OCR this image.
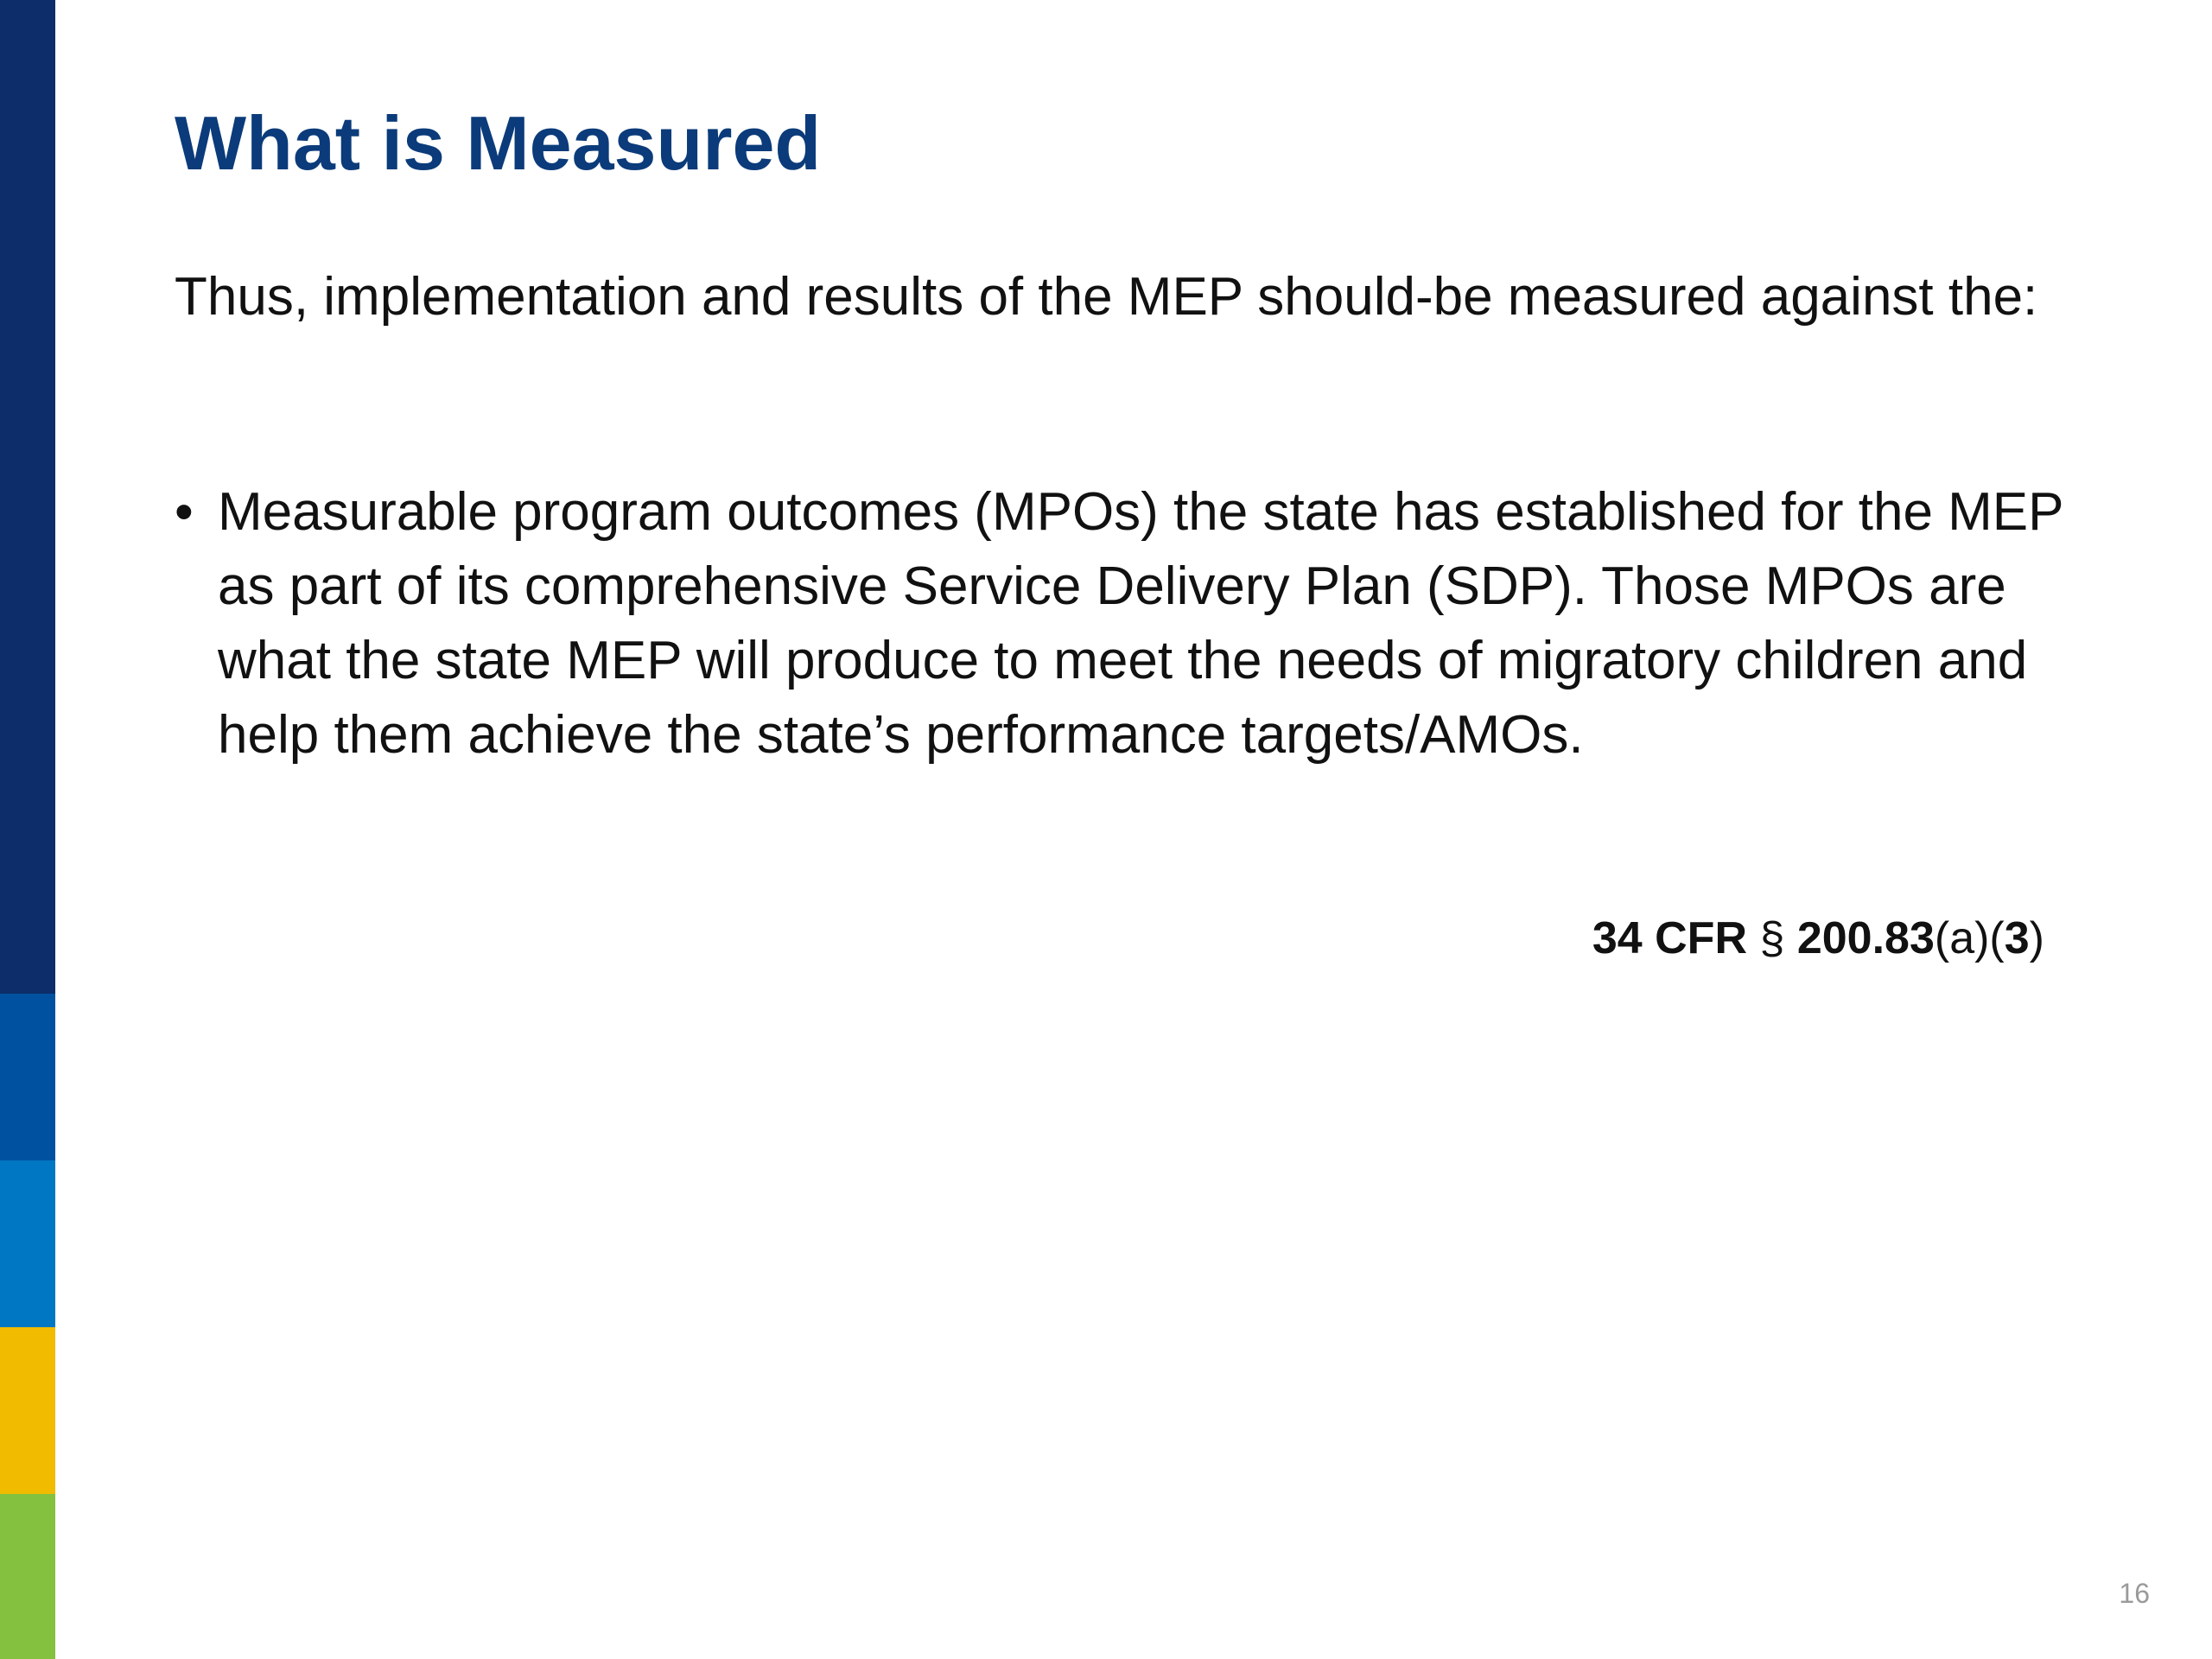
What is Measured

Thus, implementation and results of the MEP should-be measured against the:

• Measurable program outcomes (MPOs) the state has established for the MEP as part of its comprehensive Service Delivery Plan (SDP). Those MPOs are what the state MEP will produce to meet the needs of migratory children and help them achieve the state’s performance targets/AMOs.

34 CFR § 200.83(a)(3)

16
